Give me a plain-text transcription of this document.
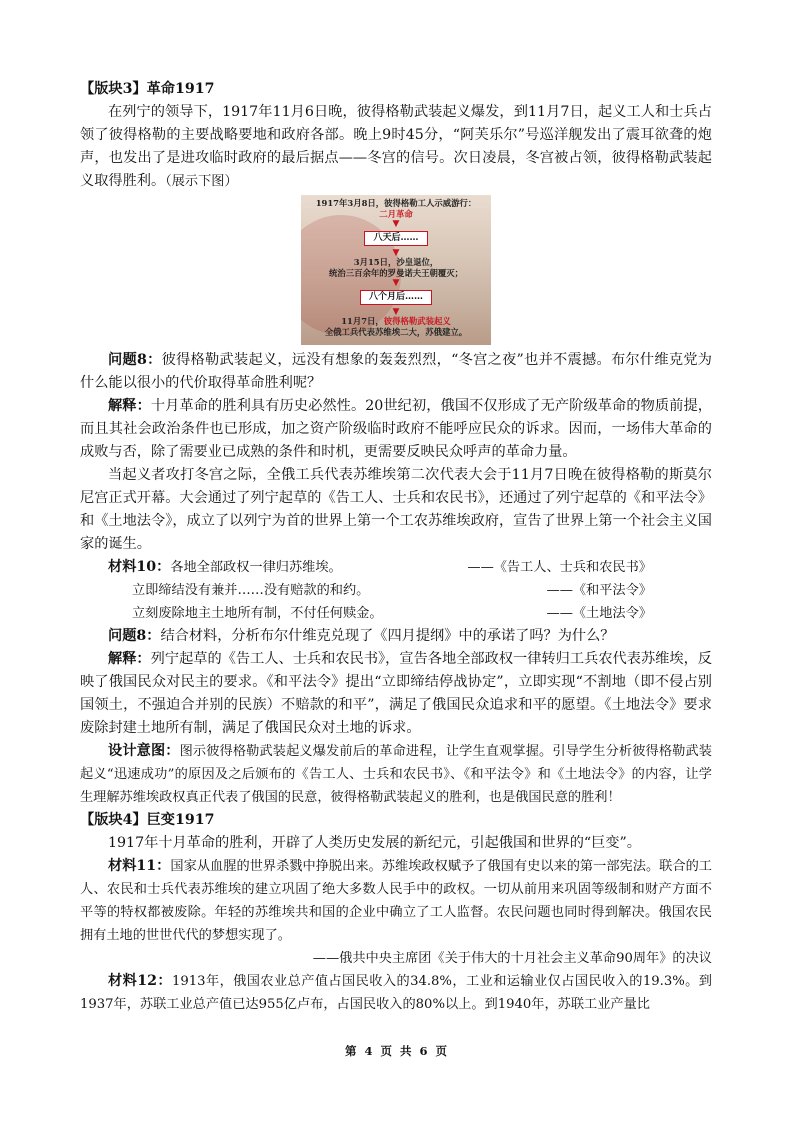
【版块3】革命1917

在列宁的领导下，1917年11月6日晚，彼得格勒武装起义爆发，到11月7日，起义工人和士兵占领了彼得格勒的主要战略要地和政府各部。晚上9时45分，“阿芙乐尔”号巡洋舰发出了震耳欲聋的炮声，也发出了是进攻临时政府的最后据点——冬宫的信号。次日凌晨，冬宫被占领，彼得格勒武装起义取得胜利。（展示下图）

1917年3月8日，彼得格勒工人示威游行：
二月革命
▼
八天后……
▼
3月15日，沙皇退位，
统治三百余年的罗曼诺夫王朝覆灭；
▼
八个月后……
▼
11月7日，彼得格勒武装起义
全俄工兵代表苏维埃二大，苏俄建立。

问题8：彼得格勒武装起义，远没有想象的轰轰烈烈，“冬宫之夜”也并不震撼。布尔什维克党为什么能以很小的代价取得革命胜利呢？

解释：十月革命的胜利具有历史必然性。20世纪初，俄国不仅形成了无产阶级革命的物质前提，而且其社会政治条件也已形成，加之资产阶级临时政府不能呼应民众的诉求。因而，一场伟大革命的成败与否，除了需要业已成熟的条件和时机，更需要反映民众呼声的革命力量。

当起义者攻打冬宫之际，全俄工兵代表苏维埃第二次代表大会于11月7日晚在彼得格勒的斯莫尔尼宫正式开幕。大会通过了列宁起草的《告工人、士兵和农民书》，还通过了列宁起草的《和平法令》和《土地法令》，成立了以列宁为首的世界上第一个工农苏维埃政府，宣告了世界上第一个社会主义国家的诞生。

材料10： 各地全部政权一律归苏维埃。	——《告工人、士兵和农民书》
立即缔结没有兼并……没有赔款的和约。	——《和平法令》
立刻废除地主土地所有制，不付任何赎金。	——《土地法令》

问题8：结合材料，分析布尔什维克兑现了《四月提纲》中的承诺了吗？为什么？

解释：列宁起草的《告工人、士兵和农民书》，宣告各地全部政权一律转归工兵农代表苏维埃，反映了俄国民众对民主的要求。《和平法令》提出“立即缔结停战协定”，立即实现“不割地（即不侵占别国领土，不强迫合并别的民族）不赔款的和平”，满足了俄国民众追求和平的愿望。《土地法令》要求废除封建土地所有制，满足了俄国民众对土地的诉求。

设计意图：图示彼得格勒武装起义爆发前后的革命进程，让学生直观掌握。引导学生分析彼得格勒武装起义“迅速成功”的原因及之后颁布的《告工人、士兵和农民书》、《和平法令》和《土地法令》的内容，让学生理解苏维埃政权真正代表了俄国的民意，彼得格勒武装起义的胜利，也是俄国民意的胜利！

【版块4】巨变1917

1917年十月革命的胜利，开辟了人类历史发展的新纪元，引起俄国和世界的“巨变”。

材料11：国家从血腥的世界杀戮中挣脱出来。苏维埃政权赋予了俄国有史以来的第一部宪法。联合的工人、农民和士兵代表苏维埃的建立巩固了绝大多数人民手中的政权。一切从前用来巩固等级制和财产方面不平等的特权都被废除。年轻的苏维埃共和国的企业中确立了工人监督。农民问题也同时得到解决。俄国农民拥有土地的世世代代的梦想实现了。

——俄共中央主席团《关于伟大的十月社会主义革命90周年》的决议

材料12：1913年，俄国农业总产值占国民收入的34.8%，工业和运输业仅占国民收入的19.3%。到1937年，苏联工业总产值已达955亿卢布，占国民收入的80%以上。到1940年，苏联工业产量比

第 4 页 共 6 页
